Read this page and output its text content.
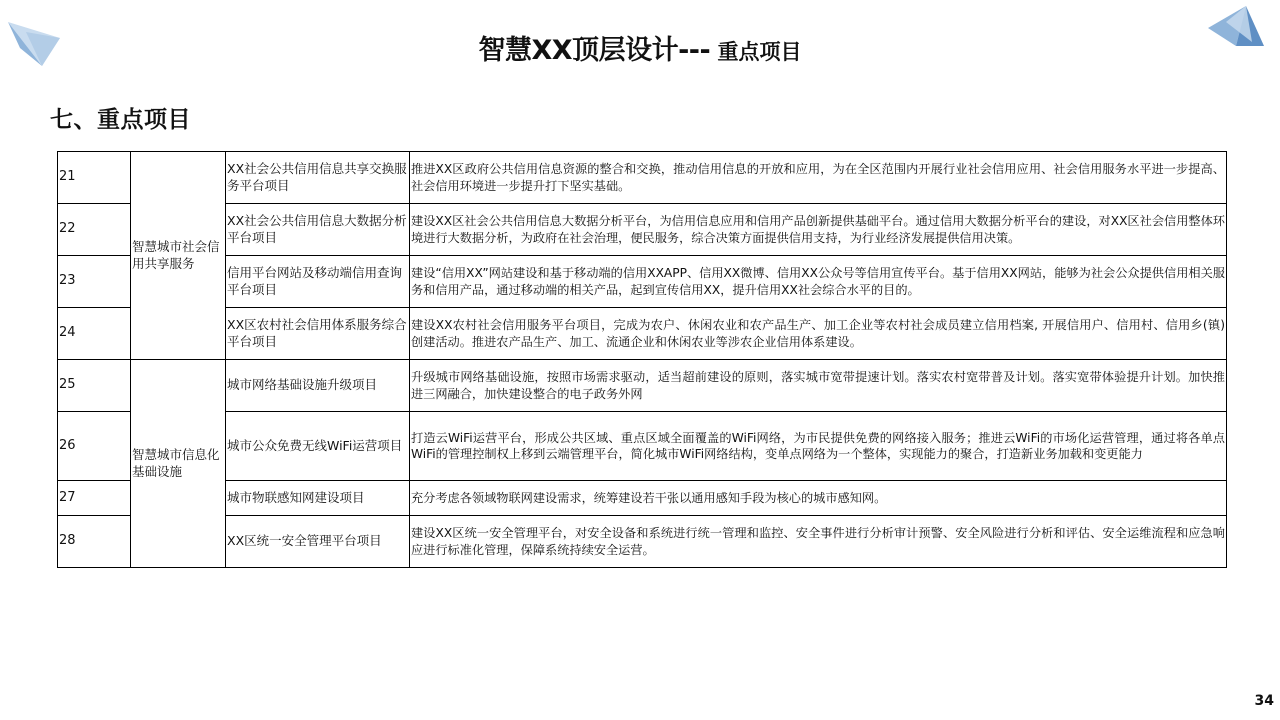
智慧XX顶层设计--- 重点项目
七、重点项目
21	智慧城市社会信用共享服务	XX社会公共信用信息共享交换服务平台项目	推进XX区政府公共信用信息资源的整合和交换，推动信用信息的开放和应用，为在全区范围内开展行业社会信用应用、社会信用服务水平进一步提高、社会信用环境进一步提升打下坚实基础。
22		XX社会公共信用信息大数据分析平台项目	建设XX区社会公共信用信息大数据分析平台，为信用信息应用和信用产品创新提供基础平台。通过信用大数据分析平台的建设，对XX区社会信用整体环境进行大数据分析，为政府在社会治理，便民服务，综合决策方面提供信用支持，为行业经济发展提供信用决策。
23		信用平台网站及移动端信用查询平台项目	建设“信用XX”网站建设和基于移动端的信用XXAPP、信用XX微博、信用XX公众号等信用宣传平台。基于信用XX网站，能够为社会公众提供信用相关服务和信用产品，通过移动端的相关产品，起到宣传信用XX，提升信用XX社会综合水平的目的。
24		XX区农村社会信用体系服务综合平台项目	建设XX农村社会信用服务平台项目，完成为农户、休闲农业和农产品生产、加工企业等农村社会成员建立信用档案, 开展信用户、信用村、信用乡(镇) 创建活动。推进农产品生产、加工、流通企业和休闲农业等涉农企业信用体系建设。
25	智慧城市信息化基础设施	城市网络基础设施升级项目	升级城市网络基础设施，按照市场需求驱动，适当超前建设的原则，落实城市宽带提速计划。落实农村宽带普及计划。落实宽带体验提升计划。加快推进三网融合，加快建设整合的电子政务外网
26		城市公众免费无线WiFi运营项目	打造云WiFi运营平台，形成公共区域、重点区域全面覆盖的WiFi网络，为市民提供免费的网络接入服务；推进云WiFi的市场化运营管理，通过将各单点WiFi的管理控制权上移到云端管理平台，简化城市WiFi网络结构，变单点网络为一个整体，实现能力的聚合，打造新业务加载和变更能力
27		城市物联感知网建设项目	充分考虑各领域物联网建设需求，统筹建设若干张以通用感知手段为核心的城市感知网。
28		XX区统一安全管理平台项目	建设XX区统一安全管理平台，对安全设备和系统进行统一管理和监控、安全事件进行分析审计预警、安全风险进行分析和评估、安全运维流程和应急响应进行标准化管理，保障系统持续安全运营。
34
